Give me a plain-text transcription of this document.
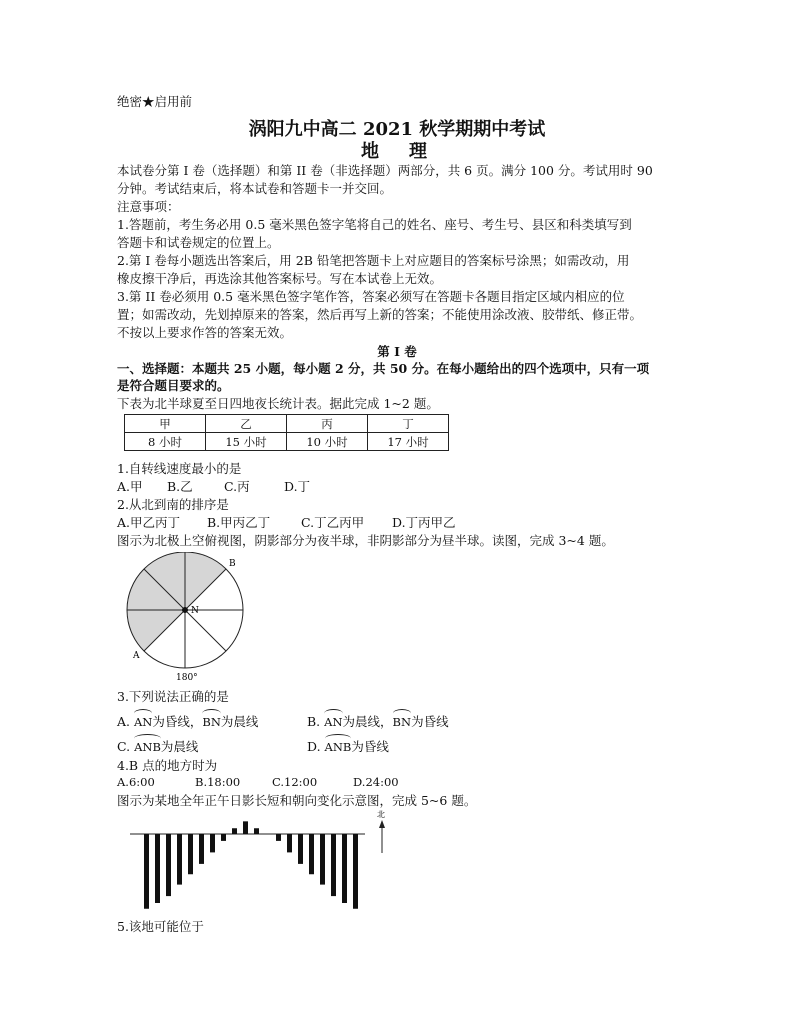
绝密★启用前
涡阳九中高二 2021 秋学期期中考试
地　理
本试卷分第 I 卷（选择题）和第 II 卷（非选择题）两部分，共 6 页。满分 100 分。考试用时 90
分钟。考试结束后，将本试卷和答题卡一并交回。
注意事项：
1.答题前，考生务必用 0.5 毫米黑色签字笔将自己的姓名、座号、考生号、县区和科类填写到
答题卡和试卷规定的位置上。
2.第 I 卷每小题选出答案后，用 2B 铅笔把答题卡上对应题目的答案标号涂黑；如需改动，用
橡皮擦干净后，再选涂其他答案标号。写在本试卷上无效。
3.第 II 卷必须用 0.5 毫米黑色签字笔作答，答案必须写在答题卡各题目指定区域内相应的位
置；如需改动，先划掉原来的答案，然后再写上新的答案；不能使用涂改液、胶带纸、修正带。
不按以上要求作答的答案无效。
第 I 卷
一、选择题：本题共 25 小题，每小题 2 分，共 50 分。在每小题给出的四个选项中，只有一项
是符合题目要求的。
下表为北半球夏至日四地夜长统计表。据此完成 1~2 题。
甲	乙	丙	丁
8 小时	15 小时	10 小时	17 小时
1.自转线速度最小的是
A.甲 B.乙	C.丙	D.丁
2.从北到南的排序是
A.甲乙丙丁 B.甲丙乙丁 C.丁乙丙甲 D.丁丙甲乙
图示为北极上空俯视图，阴影部分为夜半球，非阴影部分为昼半球。读图，完成 3~4 题。
B
N
A
180°
3.下列说法正确的是
A. AN为昏线，BN为晨线	B. AN为晨线，BN为昏线
C. ANB为晨线	D. ANB为昏线
4.B 点的地方时为
A.6:00	B.18:00	C.12:00	D.24:00
图示为某地全年正午日影长短和朝向变化示意图，完成 5~6 题。
北
5.该地可能位于
